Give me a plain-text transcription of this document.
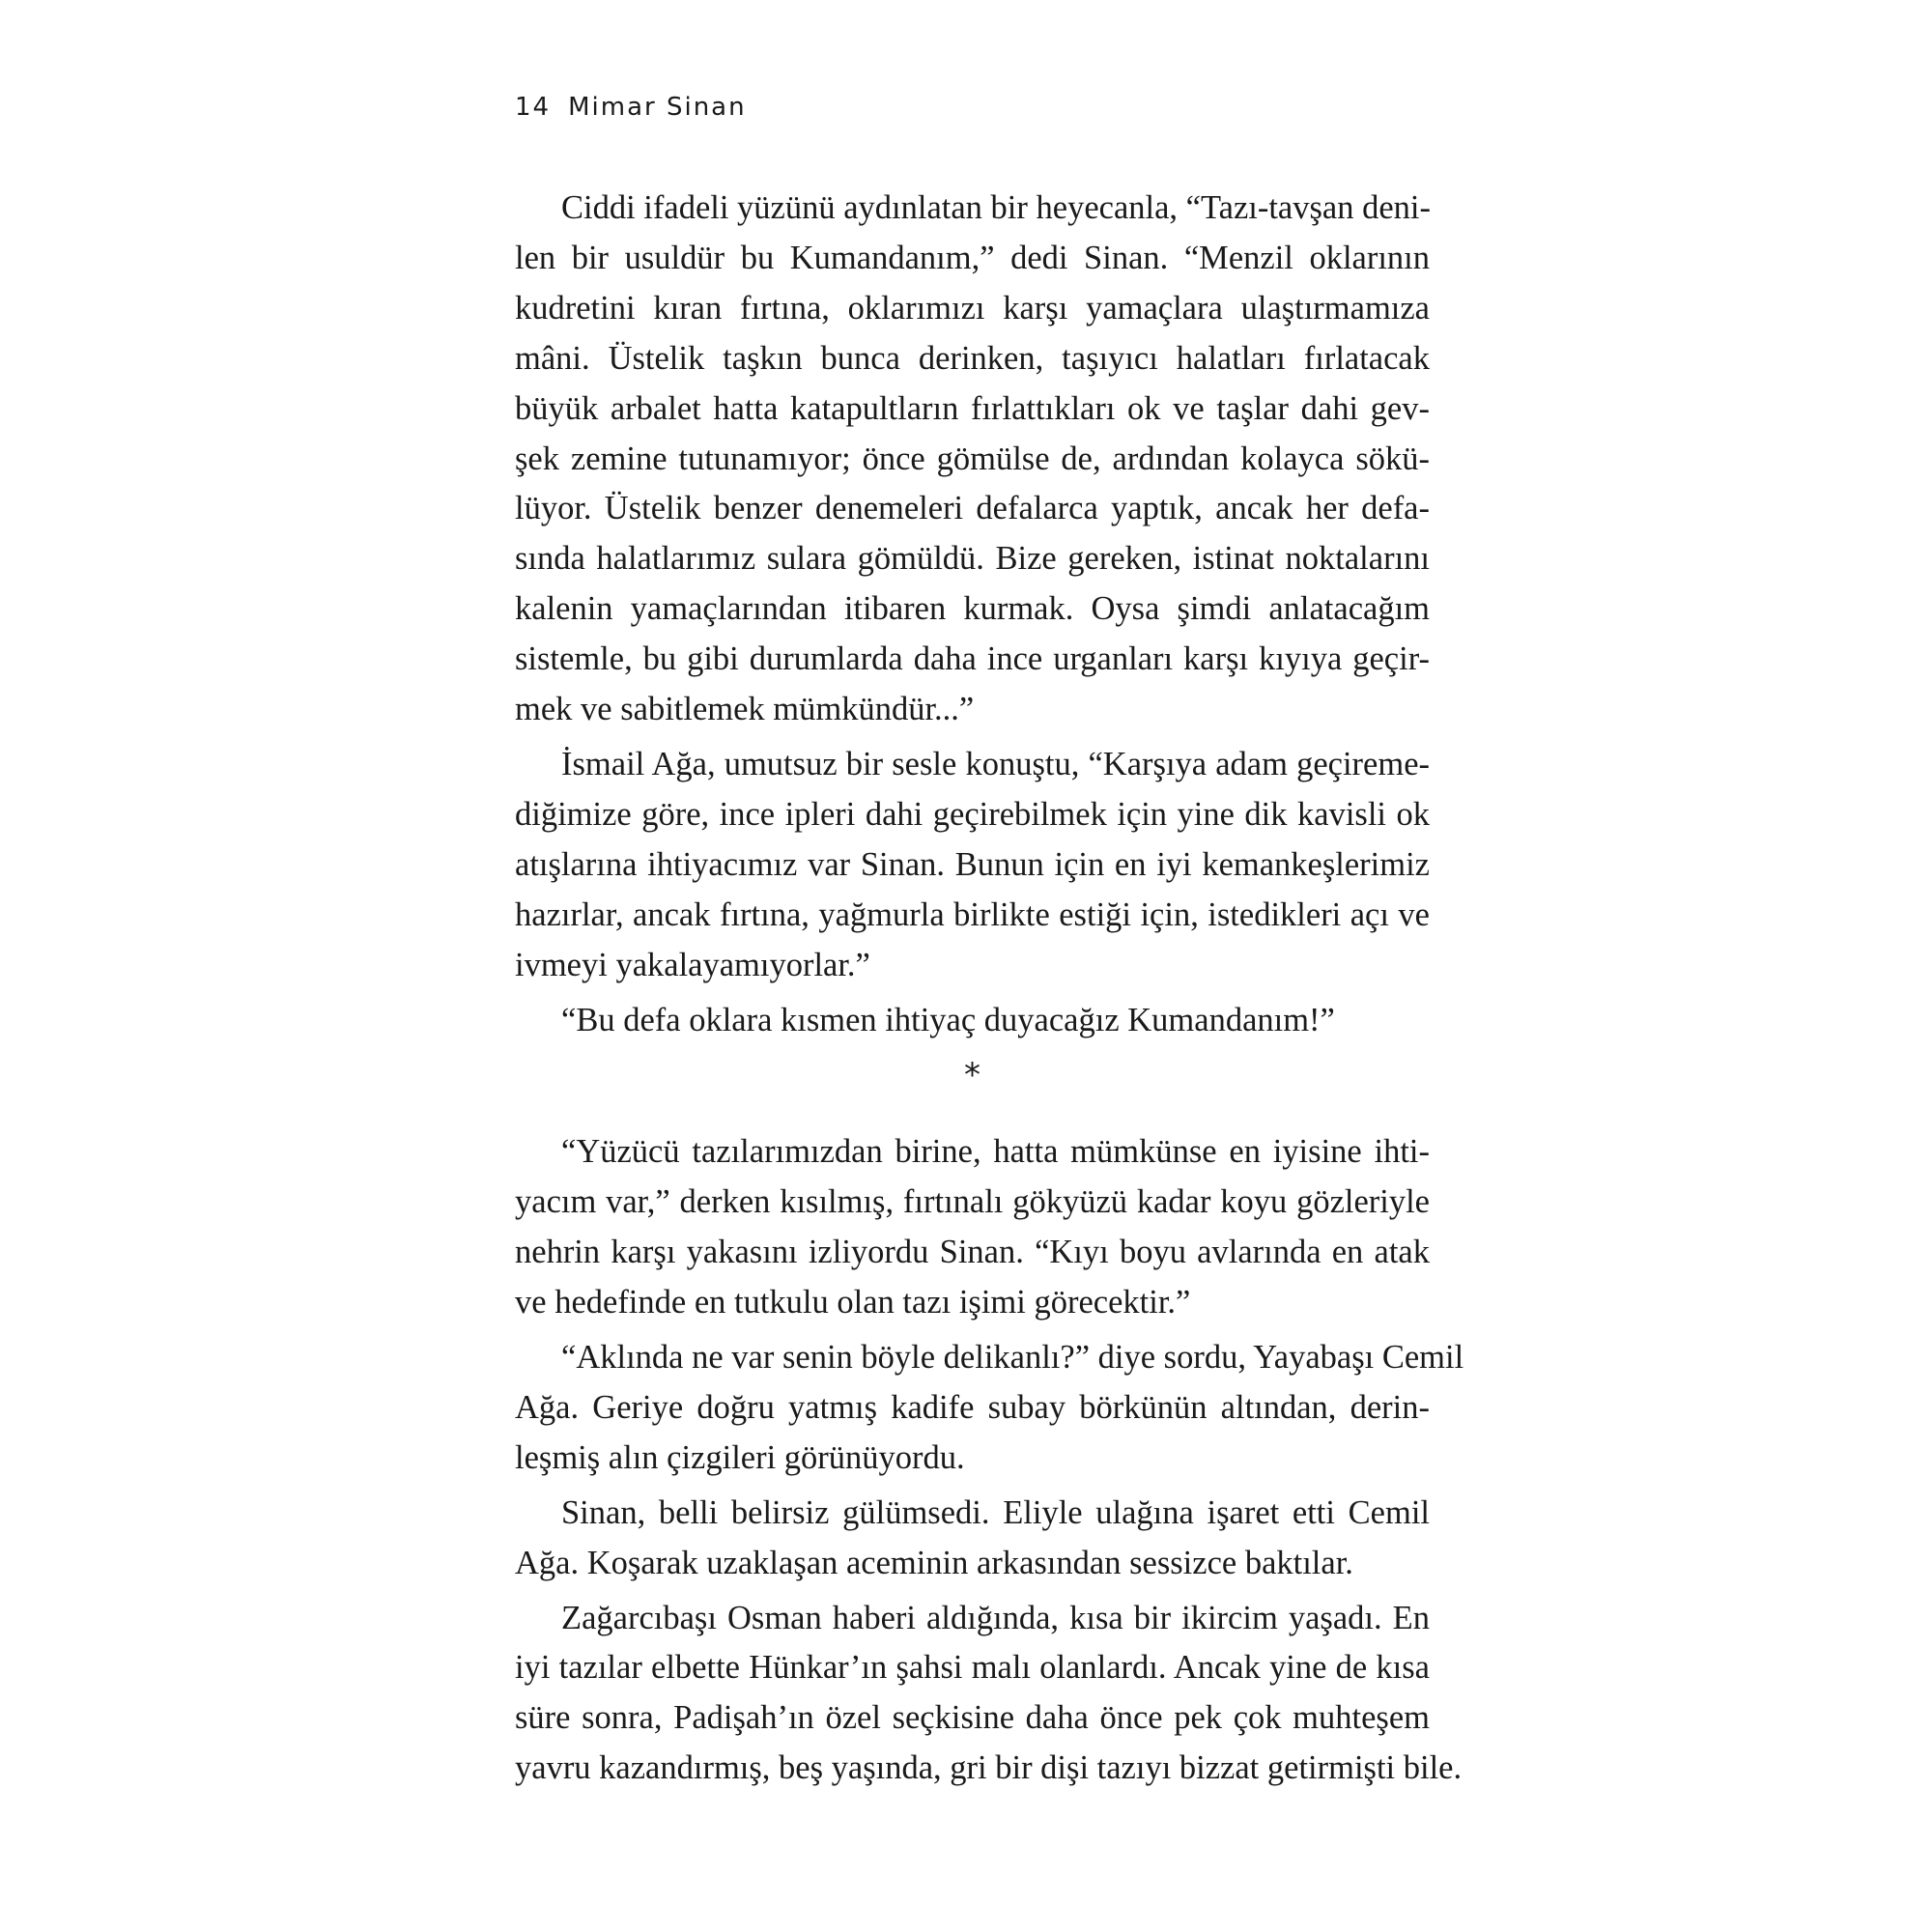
14 Mimar Sinan

Ciddi ifadeli yüzünü aydınlatan bir heyecanla, “Tazı-tavşan deni-
len bir usuldür bu Kumandanım,” dedi Sinan. “Menzil oklarının
kudretini kıran fırtına, oklarımızı karşı yamaçlara ulaştırmamıza
mâni. Üstelik taşkın bunca derinken, taşıyıcı halatları fırlatacak
büyük arbalet hatta katapultların fırlattıkları ok ve taşlar dahi gev-
şek zemine tutunamıyor; önce gömülse de, ardından kolayca sökü-
lüyor. Üstelik benzer denemeleri defalarca yaptık, ancak her defa-
sında halatlarımız sulara gömüldü. Bize gereken, istinat noktalarını
kalenin yamaçlarından itibaren kurmak. Oysa şimdi anlatacağım
sistemle, bu gibi durumlarda daha ince urganları karşı kıyıya geçir-
mek ve sabitlemek mümkündür...”

İsmail Ağa, umutsuz bir sesle konuştu, “Karşıya adam geçireme-
diğimize göre, ince ipleri dahi geçirebilmek için yine dik kavisli ok
atışlarına ihtiyacımız var Sinan. Bunun için en iyi kemankeşlerimiz
hazırlar, ancak fırtına, yağmurla birlikte estiği için, istedikleri açı ve
ivmeyi yakalayamıyorlar.”

“Bu defa oklara kısmen ihtiyaç duyacağız Kumandanım!”

*

“Yüzücü tazılarımızdan birine, hatta mümkünse en iyisine ihti-
yacım var,” derken kısılmış, fırtınalı gökyüzü kadar koyu gözleriyle
nehrin karşı yakasını izliyordu Sinan. “Kıyı boyu avlarında en atak
ve hedefinde en tutkulu olan tazı işimi görecektir.”

“Aklında ne var senin böyle delikanlı?” diye sordu, Yayabaşı Cemil
Ağa. Geriye doğru yatmış kadife subay börkünün altından, derin-
leşmiş alın çizgileri görünüyordu.

Sinan, belli belirsiz gülümsedi. Eliyle ulağına işaret etti Cemil
Ağa. Koşarak uzaklaşan aceminin arkasından sessizce baktılar.

Zağarcıbaşı Osman haberi aldığında, kısa bir ikircim yaşadı. En
iyi tazılar elbette Hünkar’ın şahsi malı olanlardı. Ancak yine de kısa
süre sonra, Padişah’ın özel seçkisine daha önce pek çok muhteşem
yavru kazandırmış, beş yaşında, gri bir dişi tazıyı bizzat getirmişti bile.
